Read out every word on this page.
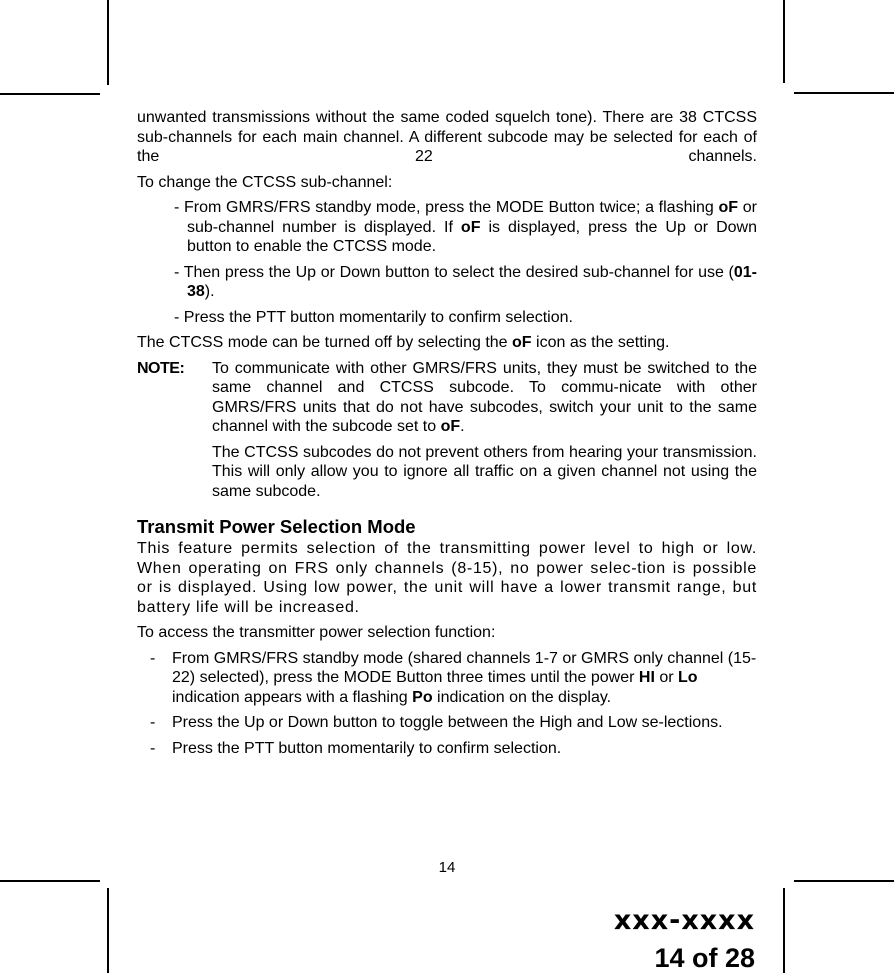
unwanted transmissions without the same coded squelch tone). There are 38 CTCSS sub-channels for each main channel. A different subcode may be selected for each of the 22 channels.

To change the CTCSS sub-channel:

- From GMRS/FRS standby mode, press the MODE Button twice; a flashing oF or sub-channel number is displayed. If oF is displayed, press the Up or Down button to enable the CTCSS mode.

- Then press the Up or Down button to select the desired sub-channel for use (01-38).

- Press the PTT button momentarily to confirm selection.

The CTCSS mode can be turned off by selecting the oF icon as the setting.

NOTE:	To communicate with other GMRS/FRS units, they must be switched to the same channel and CTCSS subcode. To commu-nicate with other GMRS/FRS units that do not have subcodes, switch your unit to the same channel with the subcode set to oF.

The CTCSS subcodes do not prevent others from hearing your transmission. This will only allow you to ignore all traffic on a given channel not using the same subcode.

Transmit Power Selection Mode

This feature permits selection of the transmitting power level to high or low. When operating on FRS only channels (8-15), no power selec-tion is possible or is displayed. Using low power, the unit will have a lower transmit range, but battery life will be increased.

To access the transmitter power selection function:

-	From GMRS/FRS standby mode (shared channels 1-7 or GMRS only channel (15-22) selected), press the MODE Button three times until the power HI or Lo indication appears with a flashing Po indication on the display.
-	Press the Up or Down button to toggle between the High and Low se-lections.
-	Press the PTT button momentarily to confirm selection.
14
xxx-xxxx
14 of 28
